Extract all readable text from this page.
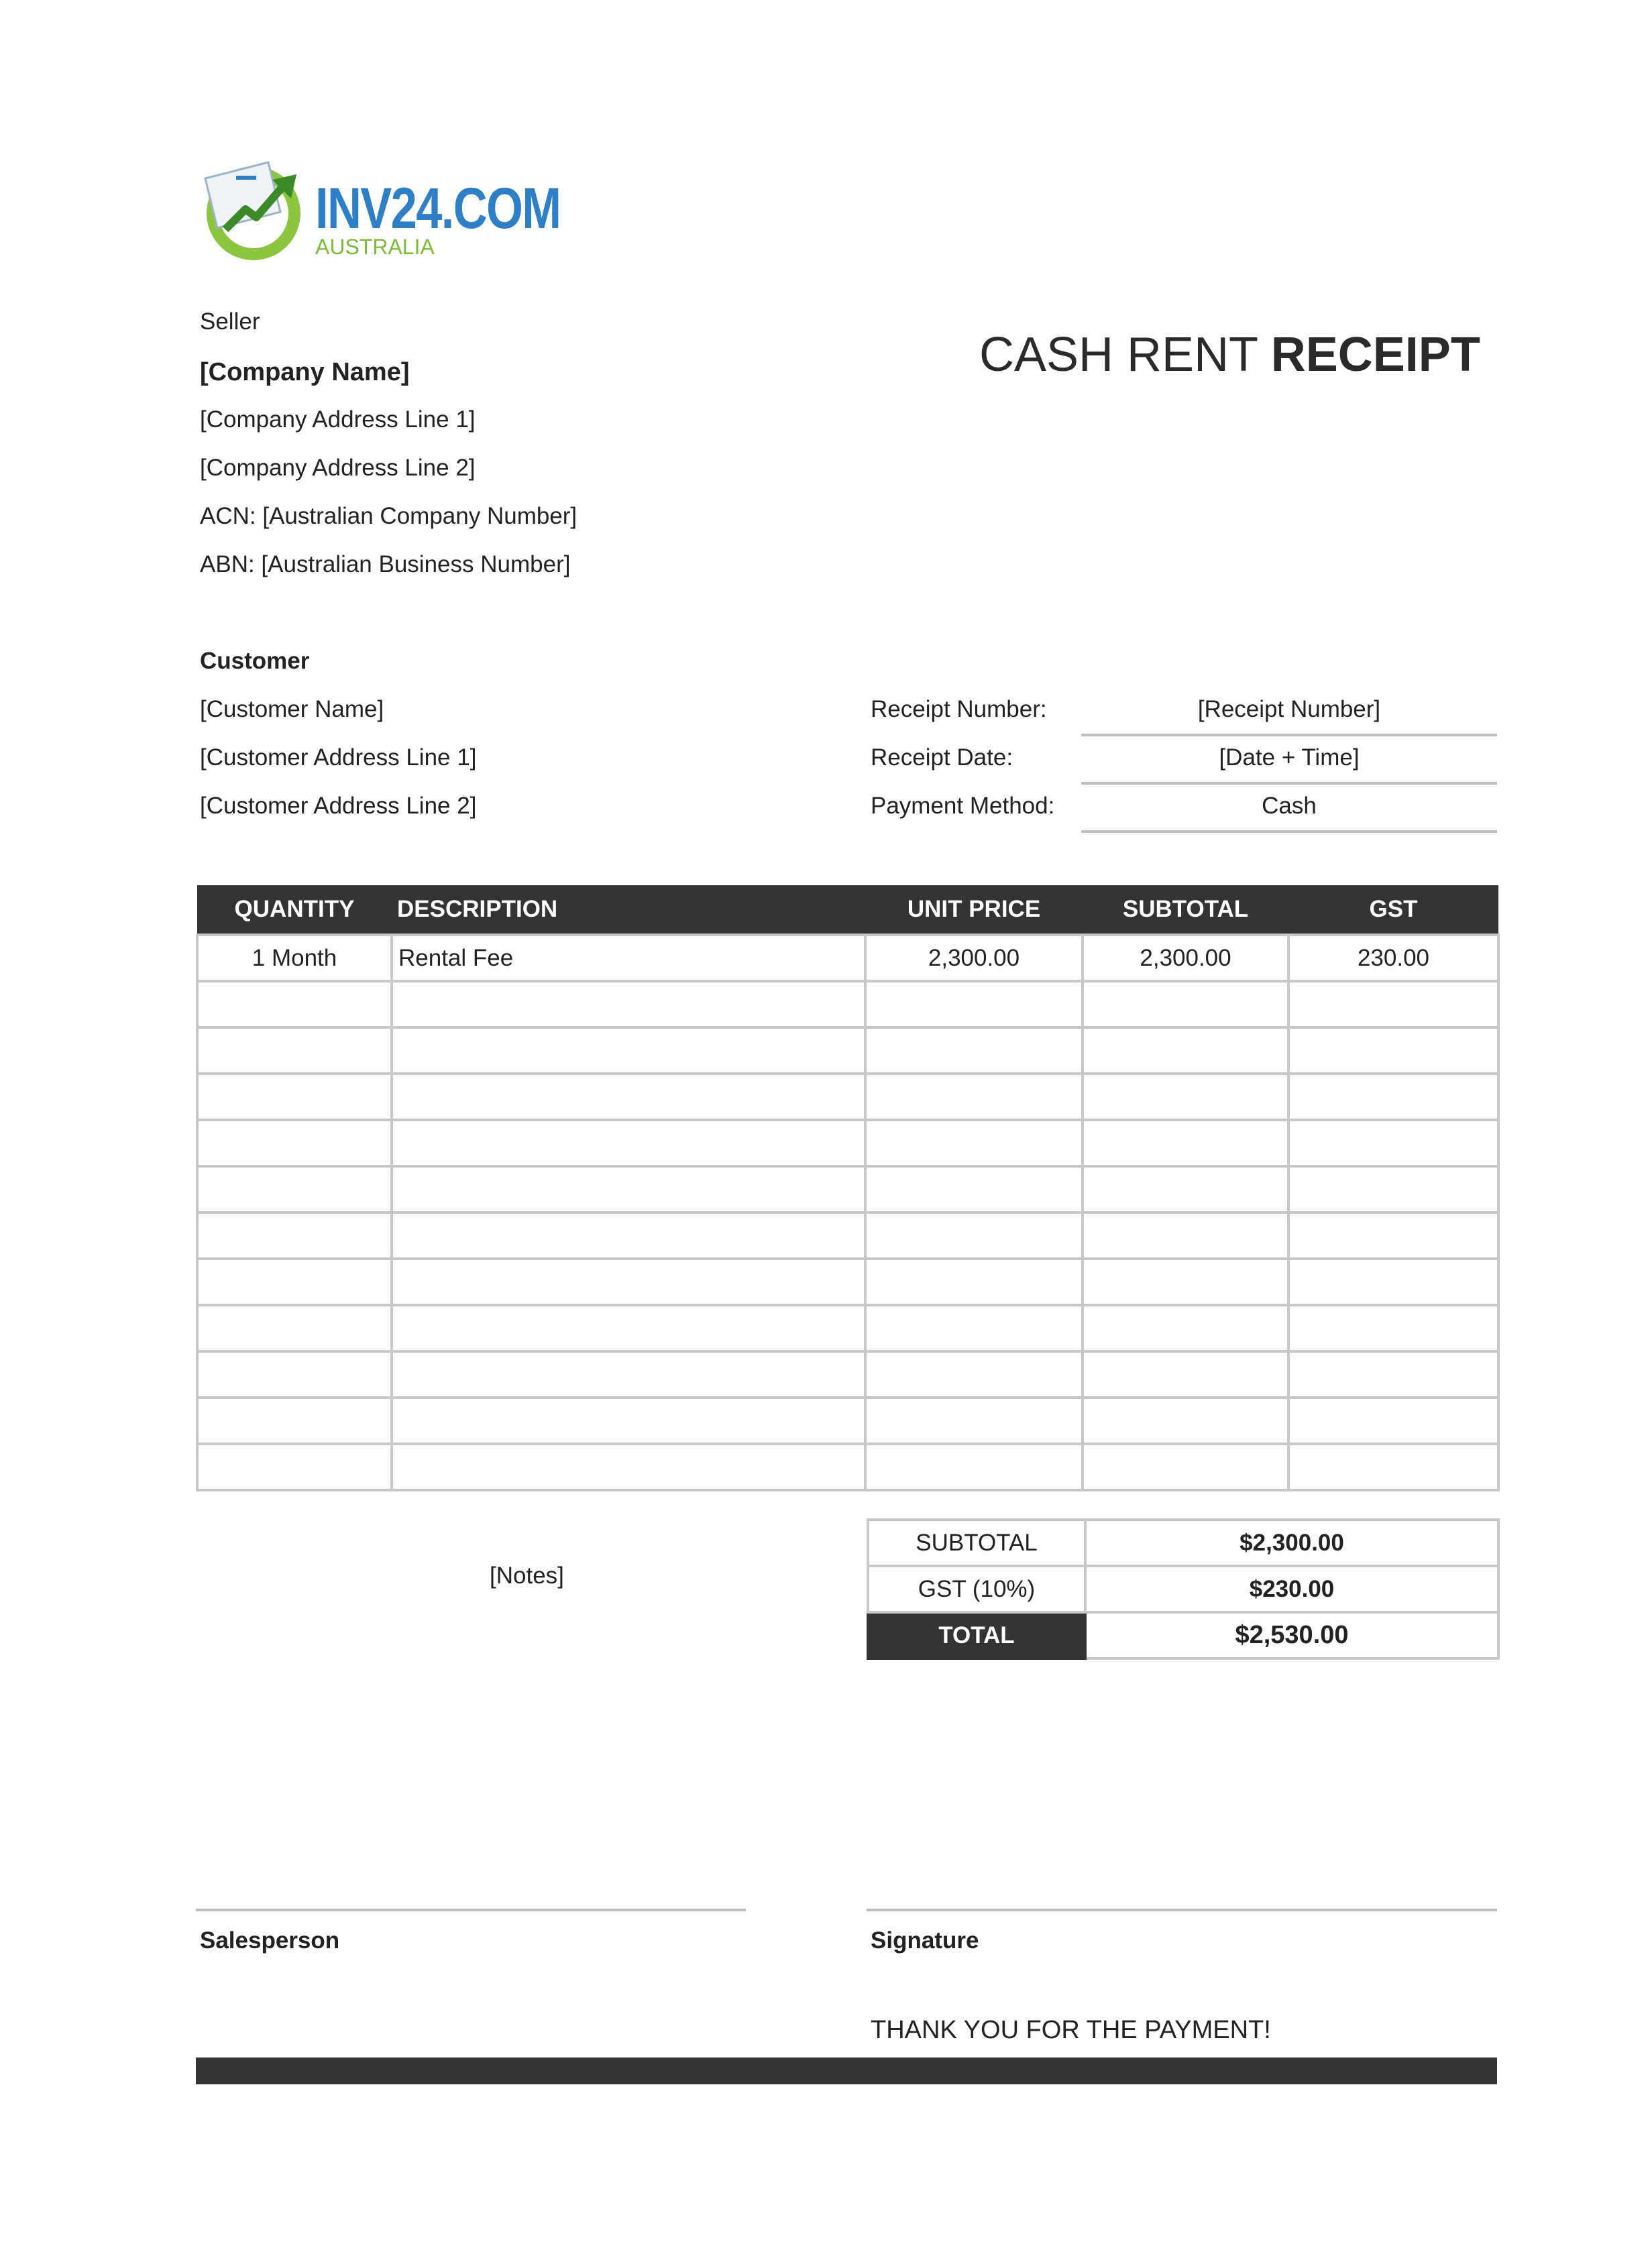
INV24.COM
AUSTRALIA
CASH RENT RECEIPT
Seller
[Company Name]
[Company Address Line 1]
[Company Address Line 2]
ACN: [Australian Company Number]
ABN: [Australian Business Number]
Customer
[Customer Name]
[Customer Address Line 1]
[Customer Address Line 2]
Receipt Number:	[Receipt Number]
Receipt Date:	[Date + Time]
Payment Method:	Cash
QUANTITY	DESCRIPTION	UNIT PRICE	SUBTOTAL	GST
1 Month	Rental Fee	2,300.00	2,300.00	230.00

[Notes]
SUBTOTAL	$2,300.00
GST (10%)	$230.00
TOTAL	$2,530.00
Salesperson	Signature
THANK YOU FOR THE PAYMENT!
